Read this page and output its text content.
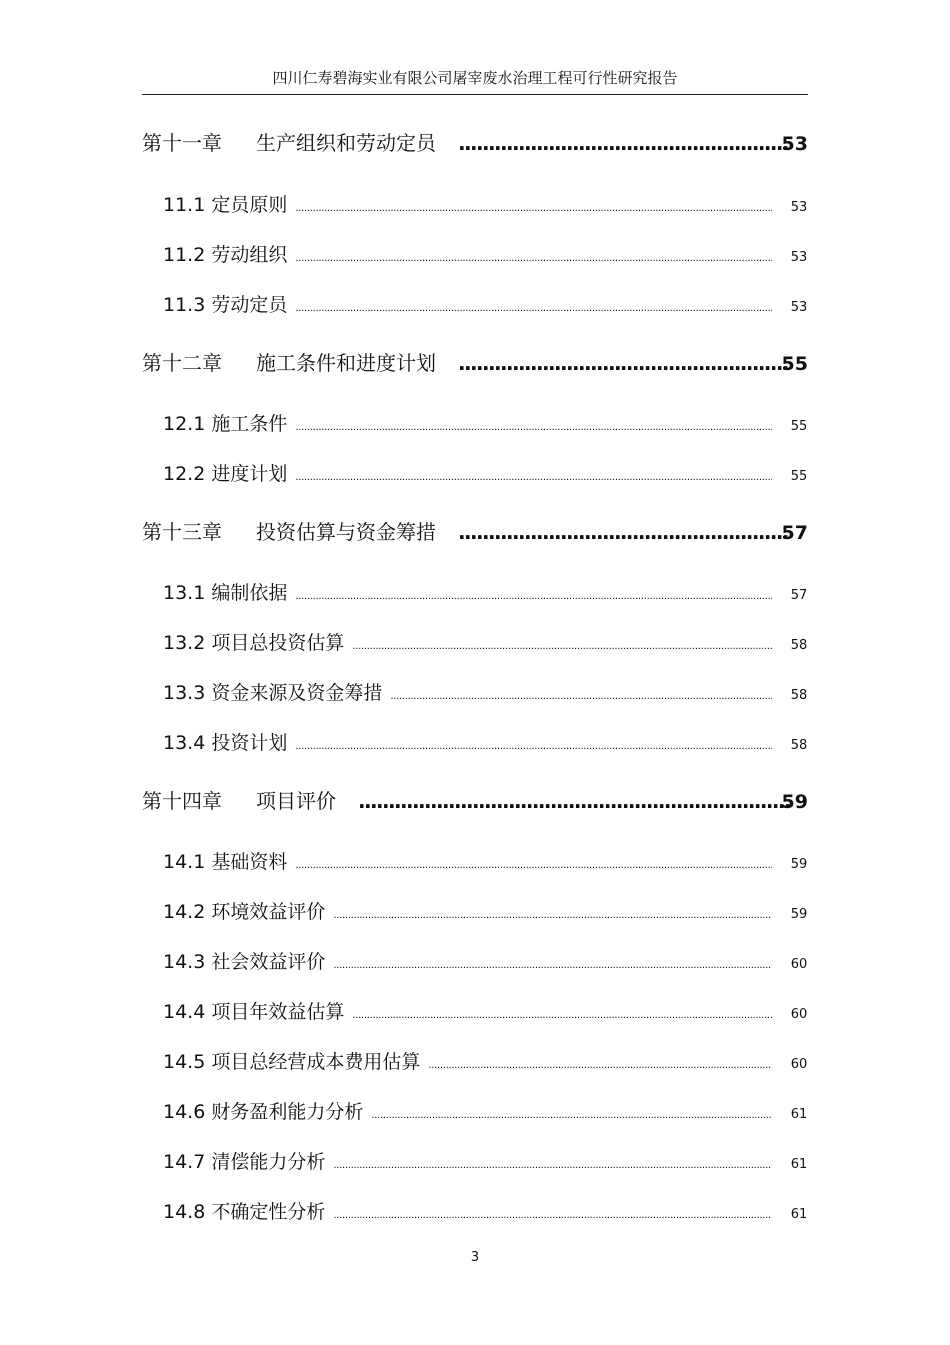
四川仁寿碧海实业有限公司屠宰废水治理工程可行性研究报告
第十一章	生产组织和劳动定员 .....	53
11.1 定员原则 .....	53
11.2 劳动组织 .....	53
11.3 劳动定员 .....	53
第十二章	施工条件和进度计划 .....	55
12.1 施工条件 .....	55
12.2 进度计划 .....	55
第十三章	投资估算与资金筹措 .....	57
13.1 编制依据 .....	57
13.2 项目总投资估算 .....	58
13.3 资金来源及资金筹措 .....	58
13.4 投资计划 .....	58
第十四章	项目评价 .....	59
14.1 基础资料 .....	59
14.2 环境效益评价 .....	59
14.3 社会效益评价 .....	60
14.4 项目年效益估算 .....	60
14.5 项目总经营成本费用估算 .....	60
14.6 财务盈利能力分析 .....	61
14.7 清偿能力分析 .....	61
14.8 不确定性分析 .....	61
3
